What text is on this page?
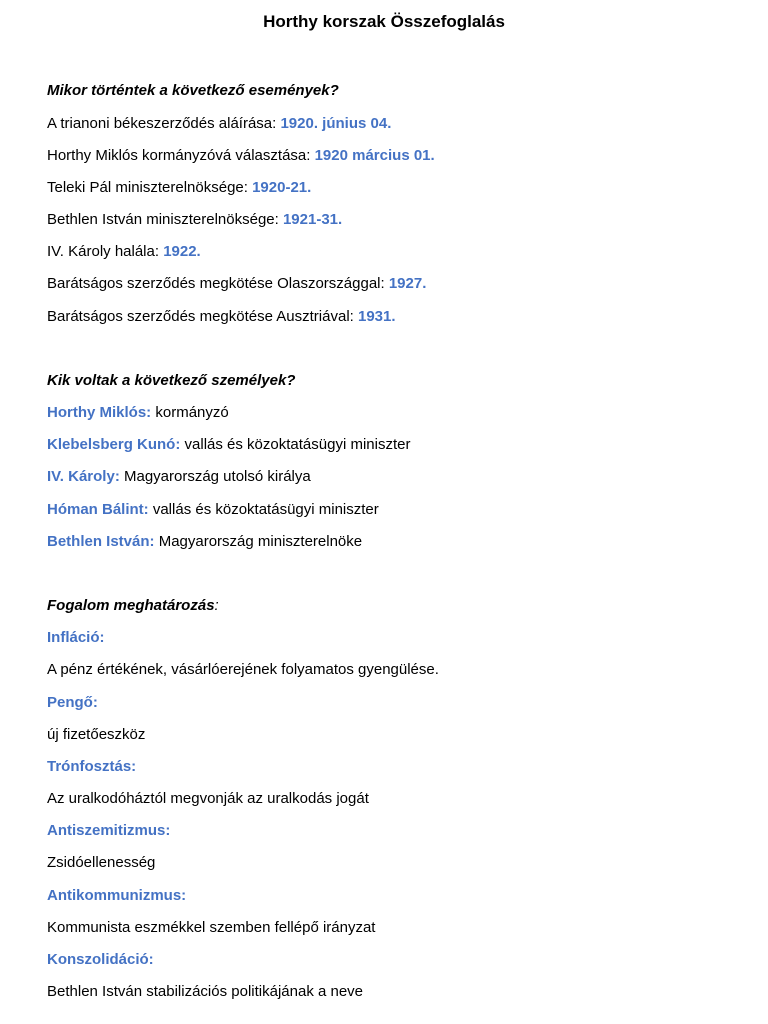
Horthy korszak Összefoglalás

Mikor történtek a következő események?

A trianoni békeszerződés aláírása: 1920. június 04.

Horthy Miklós kormányzóvá választása: 1920 március 01.

Teleki Pál miniszterelnöksége: 1920-21.

Bethlen István miniszterelnöksége: 1921-31.

IV. Károly halála: 1922.

Barátságos szerződés megkötése Olaszországgal: 1927.

Barátságos szerződés megkötése Ausztriával: 1931.

Kik voltak a következő személyek?

Horthy Miklós: kormányzó

Klebelsberg Kunó: vallás és közoktatásügyi miniszter

IV. Károly: Magyarország utolsó királya

Hóman Bálint: vallás és közoktatásügyi miniszter

Bethlen István: Magyarország miniszterelnöke

Fogalom meghatározás:

Infláció:

A pénz értékének, vásárlóerejének folyamatos gyengülése.

Pengő:

új fizetőeszköz

Trónfosztás:

Az uralkodóháztól megvonják az uralkodás jogát

Antiszemitizmus:

Zsidóellenesség

Antikommunizmus:

Kommunista eszmékkel szemben fellépő irányzat

Konszolidáció:

Bethlen István stabilizációs politikájának a neve
